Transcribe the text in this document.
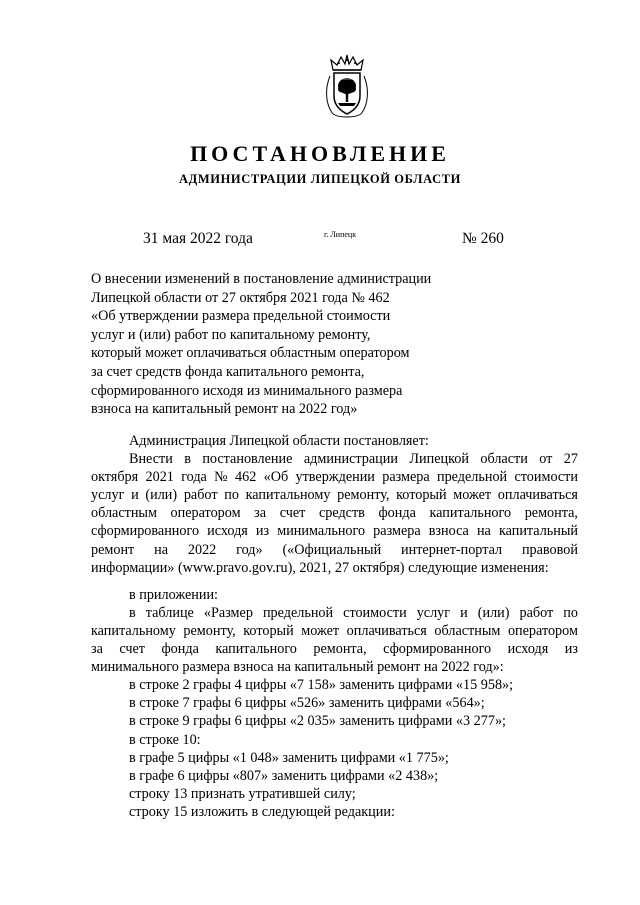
ПОСТАНОВЛЕНИЕ
АДМИНИСТРАЦИИ ЛИПЕЦКОЙ ОБЛАСТИ
31 мая 2022 года	г. Липецк	№ 260
О внесении изменений в постановление администрации
Липецкой области от 27 октября 2021 года № 462
«Об утверждении размера предельной стоимости
услуг и (или) работ по капитальному ремонту,
который может оплачиваться областным оператором
за счет средств фонда капитального ремонта,
сформированного исходя из минимального размера
взноса на капитальный ремонт на 2022 год»
Администрация Липецкой области постановляет:
Внести в постановление администрации Липецкой области от 27
октября 2021 года № 462 «Об утверждении размера предельной стоимости
услуг и (или) работ по капитальному ремонту, который может оплачиваться
областным оператором за счет средств фонда капитального ремонта,
сформированного исходя из минимального размера взноса на капитальный
ремонт на 2022 год» («Официальный интернет-портал правовой
информации» (www.pravo.gov.ru), 2021, 27 октября) следующие изменения:
в приложении:
в таблице «Размер предельной стоимости услуг и (или) работ по
капитальному ремонту, который может оплачиваться областным оператором
за счет фонда капитального ремонта, сформированного исходя из
минимального размера взноса на капитальный ремонт на 2022 год»:
в строке 2 графы 4 цифры «7 158» заменить цифрами «15 958»;
в строке 7 графы 6 цифры «526» заменить цифрами «564»;
в строке 9 графы 6 цифры «2 035» заменить цифрами «3 277»;
в строке 10:
в графе 5 цифры «1 048» заменить цифрами «1 775»;
в графе 6 цифры «807» заменить цифрами «2 438»;
строку 13 признать утратившей силу;
строку 15 изложить в следующей редакции:
